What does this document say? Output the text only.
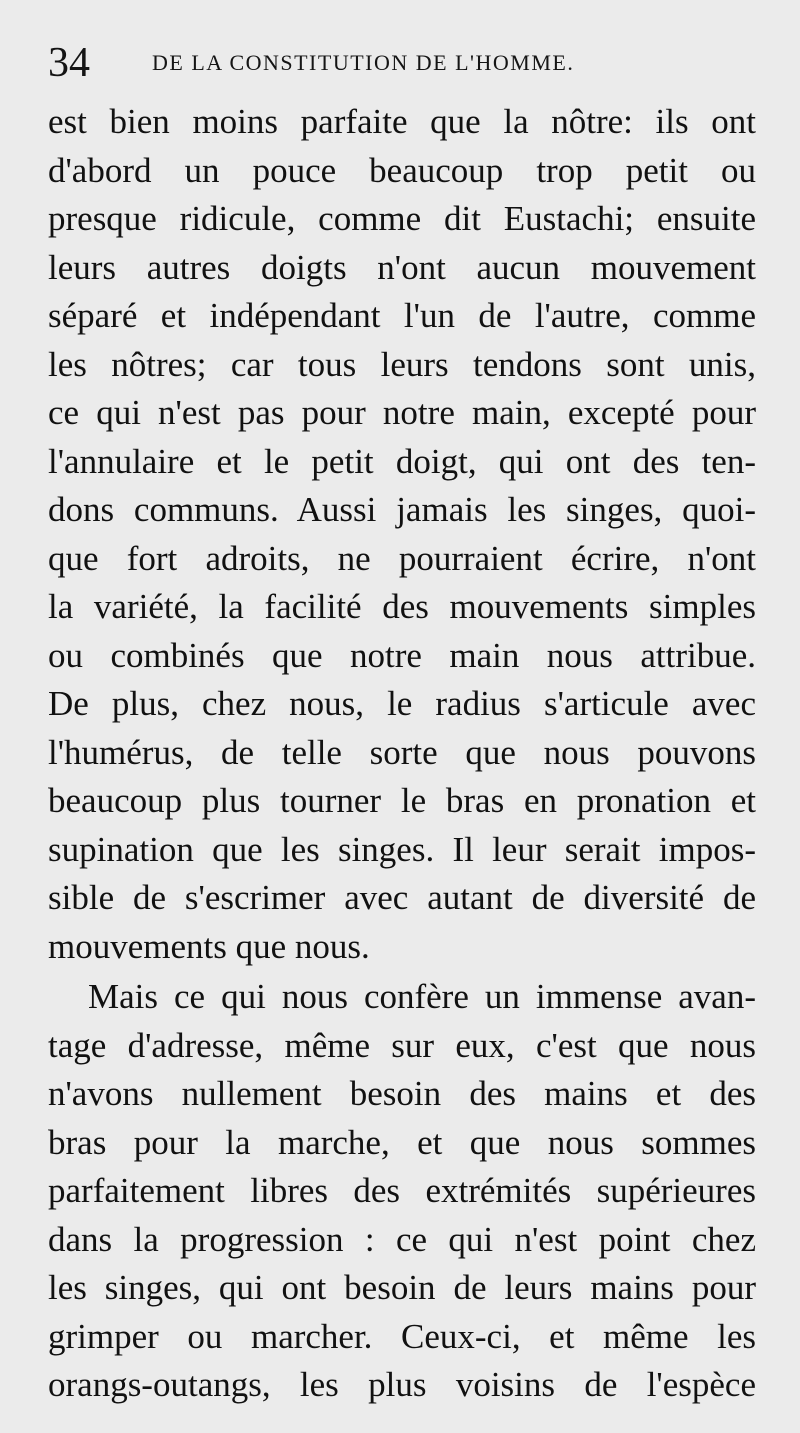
34	DE LA CONSTITUTION DE L'HOMME.
est bien moins parfaite que la nôtre: ils ont
d'abord un pouce beaucoup trop petit ou
presque ridicule, comme dit Eustachi; ensuite
leurs autres doigts n'ont aucun mouvement
séparé et indépendant l'un de l'autre, comme
les nôtres; car tous leurs tendons sont unis,
ce qui n'est pas pour notre main, excepté pour
l'annulaire et le petit doigt, qui ont des ten-
dons communs. Aussi jamais les singes, quoi-
que fort adroits, ne pourraient écrire, n'ont
la variété, la facilité des mouvements simples
ou combinés que notre main nous attribue.
De plus, chez nous, le radius s'articule avec
l'humérus, de telle sorte que nous pouvons
beaucoup plus tourner le bras en pronation et
supination que les singes. Il leur serait impos-
sible de s'escrimer avec autant de diversité de
mouvements que nous.
Mais ce qui nous confère un immense avan-
tage d'adresse, même sur eux, c'est que nous
n'avons nullement besoin des mains et des
bras pour la marche, et que nous sommes
parfaitement libres des extrémités supérieures
dans la progression : ce qui n'est point chez
les singes, qui ont besoin de leurs mains pour
grimper ou marcher. Ceux-ci, et même les
orangs-outangs, les plus voisins de l'espèce
